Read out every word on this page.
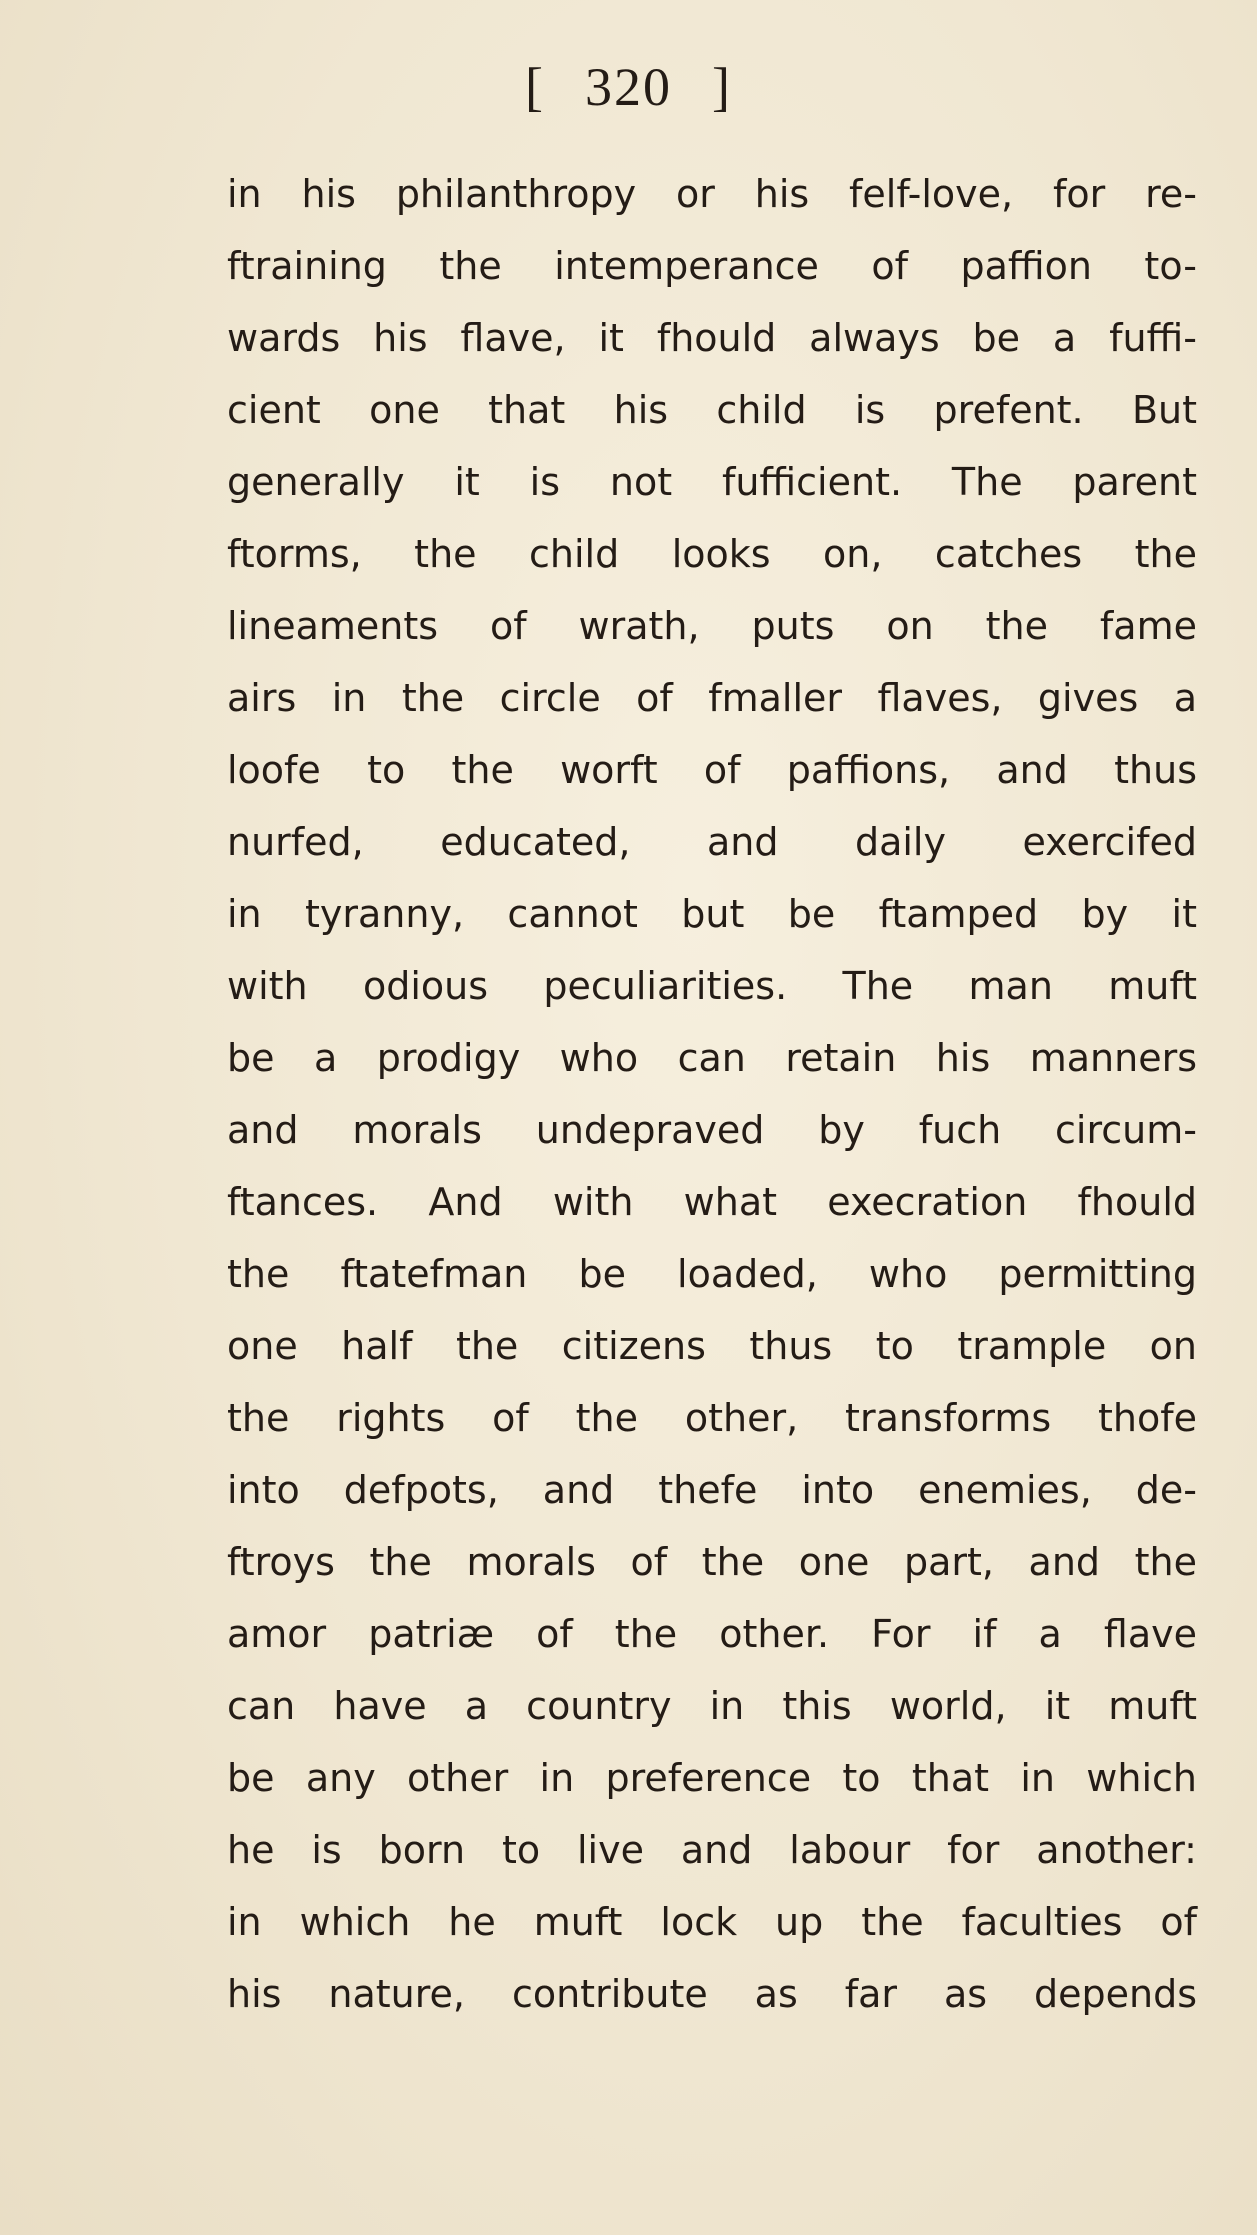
[ 320 ]
in his philanthropy or his felf-love, for re-
ftraining the intemperance of paffion to-
wards his flave, it fhould always be a fuffi-
cient one that his child is prefent. But
generally it is not fufficient. The parent
ftorms, the child looks on, catches the
lineaments of wrath, puts on the fame
airs in the circle of fmaller flaves, gives a
loofe to the worft of paffions, and thus
nurfed, educated, and daily exercifed
in tyranny, cannot but be ftamped by it
with odious peculiarities. The man muft
be a prodigy who can retain his manners
and morals undepraved by fuch circum-
ftances. And with what execration fhould
the ftatefman be loaded, who permitting
one half the citizens thus to trample on
the rights of the other, transforms thofe
into defpots, and thefe into enemies, de-
ftroys the morals of the one part, and the
amor patriæ of the other. For if a flave
can have a country in this world, it muft
be any other in preference to that in which
he is born to live and labour for another:
in which he muft lock up the faculties of
his nature, contribute as far as depends
